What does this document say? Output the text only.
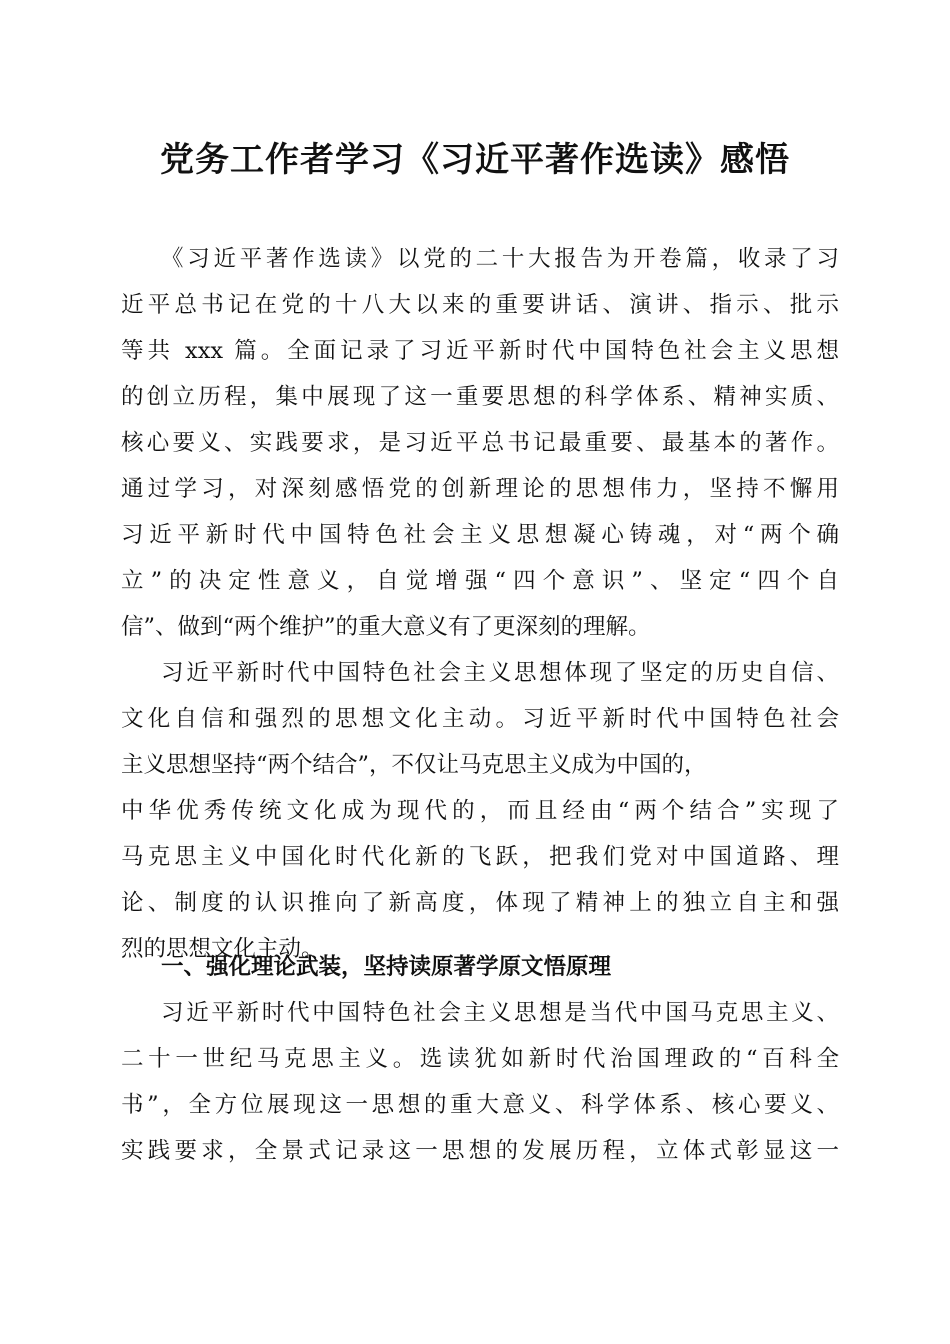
党务工作者学习《习近平著作选读》感悟
《习近平著作选读》以党的二十大报告为开卷篇，收录了习
近平总书记在党的十八大以来的重要讲话、演讲、指示、批示
等共 xxx 篇。全面记录了习近平新时代中国特色社会主义思想
的创立历程，集中展现了这一重要思想的科学体系、精神实质、
核心要义、实践要求，是习近平总书记最重要、最基本的著作。
通过学习，对深刻感悟党的创新理论的思想伟力，坚持不懈用
习近平新时代中国特色社会主义思想凝心铸魂，对“两个确
立”的决定性意义，自觉增强“四个意识”、坚定“四个自
信”、做到“两个维护”的重大意义有了更深刻的理解。
习近平新时代中国特色社会主义思想体现了坚定的历史自信、
文化自信和强烈的思想文化主动。习近平新时代中国特色社会
主义思想坚持“两个结合”，不仅让马克思主义成为中国的，
中华优秀传统文化成为现代的，而且经由“两个结合”实现了
马克思主义中国化时代化新的飞跃，把我们党对中国道路、理
论、制度的认识推向了新高度，体现了精神上的独立自主和强
烈的思想文化主动。
一、强化理论武装，坚持读原著学原文悟原理
习近平新时代中国特色社会主义思想是当代中国马克思主义、
二十一世纪马克思主义。选读犹如新时代治国理政的“百科全
书”，全方位展现这一思想的重大意义、科学体系、核心要义、
实践要求，全景式记录这一思想的发展历程，立体式彰显这一
